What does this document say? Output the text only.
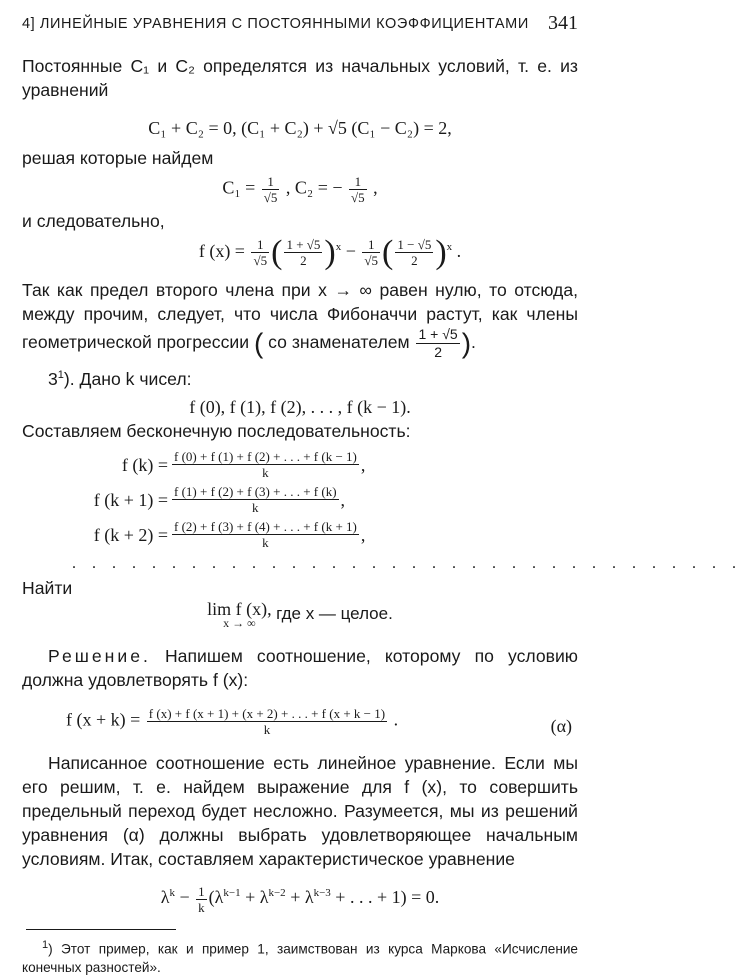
4] ЛИНЕЙНЫЕ УРАВНЕНИЯ С ПОСТОЯННЫМИ КОЭФФИЦИЕНТАМИ 341

Постоянные C₁ и C₂ определятся из начальных условий, т. е. из уравнений

C₁ + C₂ = 0, (C₁ + C₂) + √5 (C₁ − C₂) = 2,

решая которые найдем

$C_1 = \frac{1}{√5}$ , C₂ = − $\frac{1}{√5}$ ,

и следовательно,

f $(x) = \frac{1}{√5}$ ( $\frac{1 + √5}{2} )^x - \frac{1}{√5}$ ( $\frac{1 - √5}{2} )^x$ .

Так как предел второго члена при x → ∞ равен нулю, то отсюда, между прочим, следует, что числа Фибоначчи растут, как члены геометрической прогрессии ( со знаменателем $\frac{1 + √5}{2}$ ).

$3^1$). Дано k чисел:

f (0), f (1), f (2), . . . , f (k − 1).

Составляем бесконечную последовательность:

f $(k) = \frac{f (0) + f (1) + f (2) + . . . + f (k - 1)}{k}$ ,
f $(k + 1) = \frac{f (1) + f (2) + f (3) + . . . + f (k)}{k}$ ,
f $(k + 2) = \frac{f (2) + f (3) + f (4) + . . . + f (k + 1)}{k}$ ,

. . . . . . . . . . . . . . . . . . . . . . . . . . . . . . . . . .

Найти

lim f (x),
x → ∞	где x — целое.

Решение. Напишем соотношение, которому по условию должна удовлетворять f (x):

f $(x + k) = \frac{f (x) + f (x + 1) + (x + 2) + . . . + f (x + k - 1)}{k}$ .	(α)

Написанное соотношение есть линейное уравнение. Если мы его решим, т. е. найдем выражение для f (x), то совершить предельный переход будет несложно. Разумеется, мы из решений уравнения (α) должны выбрать удовлетворяющее начальным условиям. Итак, составляем характеристическое уравнение

$\lambda^k - \frac{1}{k} (\lambda^{k-1} + \lambda^{k-2} + \lambda^{k-3}$ + . . . + 1) = 0.

$^1$) Этот пример, как и пример 1, заимствован из курса Маркова «Исчисление конечных разностей».
